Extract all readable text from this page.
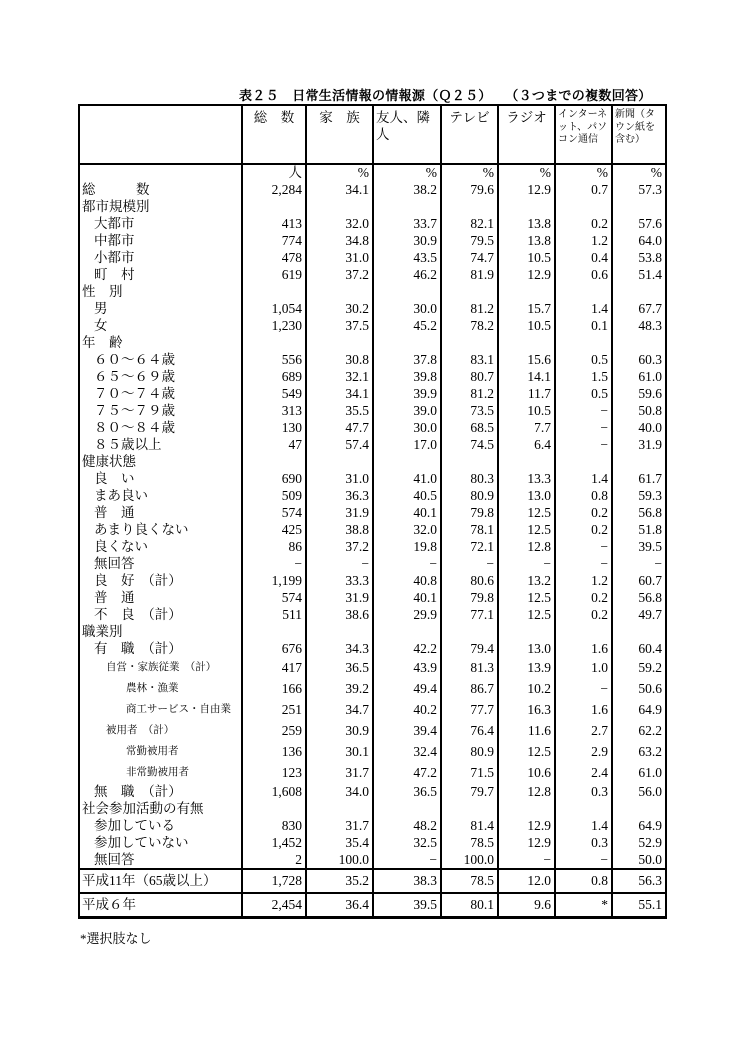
表２５　日常生活情報の情報源（Ｑ２５）　　（３つまでの複数回答）
	総　数	家　族	友人、隣人	テレビ	ラジオ	インターネット、パソコン通信	新聞（タウン紙を含む）
	人	%	%	%	%	%	%
総　　　数	2,284	34.1	38.2	79.6	12.9	0.7	57.3
都市規模別							
大都市	413	32.0	33.7	82.1	13.8	0.2	57.6
中都市	774	34.8	30.9	79.5	13.8	1.2	64.0
小都市	478	31.0	43.5	74.7	10.5	0.4	53.8
町　村	619	37.2	46.2	81.9	12.9	0.6	51.4
性　別							
男	1,054	30.2	30.0	81.2	15.7	1.4	67.7
女	1,230	37.5	45.2	78.2	10.5	0.1	48.3
年　齢							
６０～６４歳	556	30.8	37.8	83.1	15.6	0.5	60.3
６５～６９歳	689	32.1	39.8	80.7	14.1	1.5	61.0
７０～７４歳	549	34.1	39.9	81.2	11.7	0.5	59.6
７５～７９歳	313	35.5	39.0	73.5	10.5	−	50.8
８０～８４歳	130	47.7	30.0	68.5	7.7	−	40.0
８５歳以上	47	57.4	17.0	74.5	6.4	−	31.9
健康状態							
良　い	690	31.0	41.0	80.3	13.3	1.4	61.7
まあ良い	509	36.3	40.5	80.9	13.0	0.8	59.3
普　通	574	31.9	40.1	79.8	12.5	0.2	56.8
あまり良くない	425	38.8	32.0	78.1	12.5	0.2	51.8
良くない	86	37.2	19.8	72.1	12.8	−	39.5
無回答	−	−	−	−	−	−	−
良　好　（計）	1,199	33.3	40.8	80.6	13.2	1.2	60.7
普　通	574	31.9	40.1	79.8	12.5	0.2	56.8
不　良　（計）	511	38.6	29.9	77.1	12.5	0.2	49.7
職業別							
有　職　（計）	676	34.3	42.2	79.4	13.0	1.6	60.4
自営・家族従業　（計）	417	36.5	43.9	81.3	13.9	1.0	59.2
農林・漁業	166	39.2	49.4	86.7	10.2	−	50.6
商工サービス・自由業	251	34.7	40.2	77.7	16.3	1.6	64.9
被用者　（計）	259	30.9	39.4	76.4	11.6	2.7	62.2
常勤被用者	136	30.1	32.4	80.9	12.5	2.9	63.2
非常勤被用者	123	31.7	47.2	71.5	10.6	2.4	61.0
無　職　（計）	1,608	34.0	36.5	79.7	12.8	0.3	56.0
社会参加活動の有無							
参加している	830	31.7	48.2	81.4	12.9	1.4	64.9
参加していない	1,452	35.4	32.5	78.5	12.9	0.3	52.9
無回答	2	100.0	−	100.0	−	−	50.0
平成11年（65歳以上）	1,728	35.2	38.3	78.5	12.0	0.8	56.3
平成６年	2,454	36.4	39.5	80.1	9.6	*	55.1
*選択肢なし
